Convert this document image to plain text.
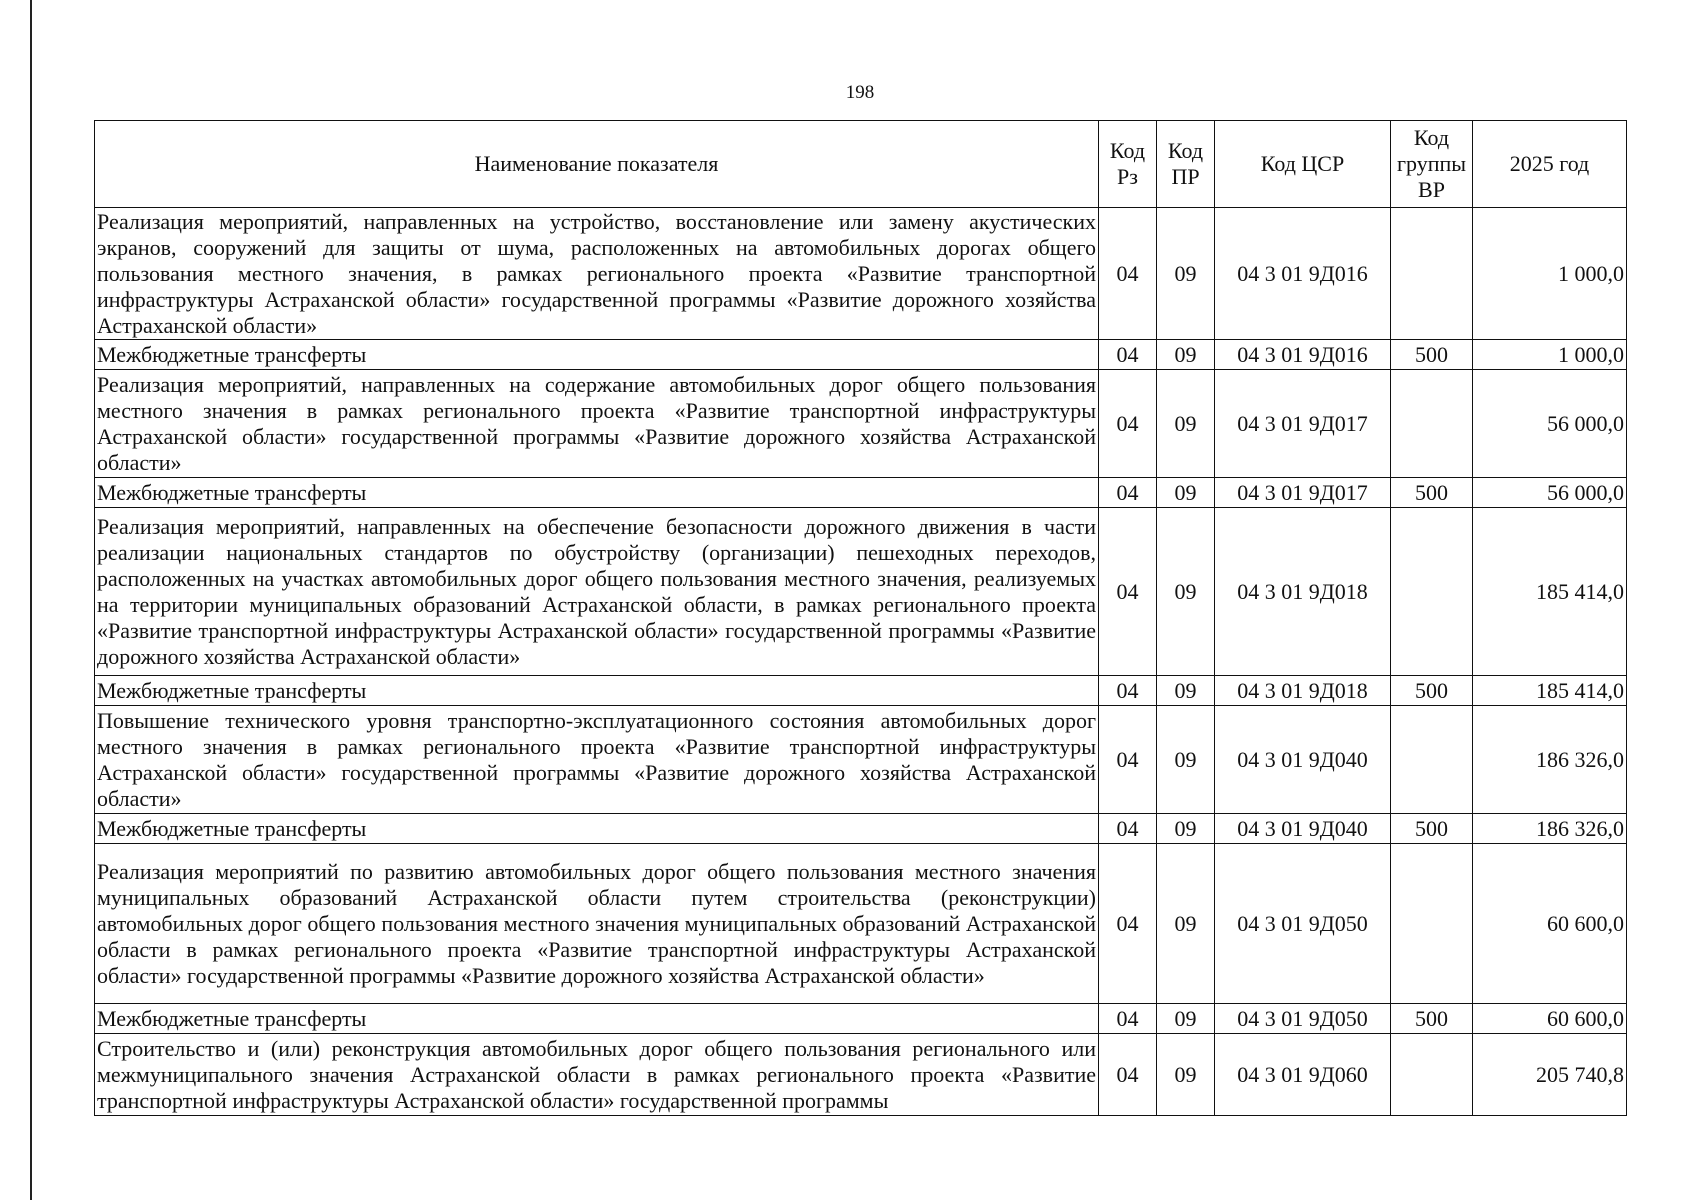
198
Наименование показателя	Код Рз	Код ПР	Код ЦСР	Код группы ВР	2025 год
Реализация мероприятий, направленных на устройство, восстановление или замену акустических экранов, сооружений для защиты от шума, расположенных на автомобильных дорогах общего пользования местного значения, в рамках регионального проекта «Развитие транспортной инфраструктуры Астраханской области» государственной программы «Развитие дорожного хозяйства Астраханской области»	04	09	04 3 01 9Д016		1 000,0
Межбюджетные трансферты	04	09	04 3 01 9Д016	500	1 000,0
Реализация мероприятий, направленных на содержание автомобильных дорог общего пользования местного значения в рамках регионального проекта «Развитие транспортной инфраструктуры Астраханской области» государственной программы «Развитие дорожного хозяйства Астраханской области»	04	09	04 3 01 9Д017		56 000,0
Межбюджетные трансферты	04	09	04 3 01 9Д017	500	56 000,0
Реализация мероприятий, направленных на обеспечение безопасности дорожного движения в части реализации национальных стандартов по обустройству (организации) пешеходных переходов, расположенных на участках автомобильных дорог общего пользования местного значения, реализуемых на территории муниципальных образований Астраханской области, в рамках регионального проекта «Развитие транспортной инфраструктуры Астраханской области» государственной программы «Развитие дорожного хозяйства Астраханской области»	04	09	04 3 01 9Д018		185 414,0
Межбюджетные трансферты	04	09	04 3 01 9Д018	500	185 414,0
Повышение технического уровня транспортно-эксплуатационного состояния автомобильных дорог местного значения в рамках регионального проекта «Развитие транспортной инфраструктуры Астраханской области» государственной программы «Развитие дорожного хозяйства Астраханской области»	04	09	04 3 01 9Д040		186 326,0
Межбюджетные трансферты	04	09	04 3 01 9Д040	500	186 326,0
Реализация мероприятий по развитию автомобильных дорог общего пользования местного значения муниципальных образований Астраханской области путем строительства (реконструкции) автомобильных дорог общего пользования местного значения муниципальных образований Астраханской области в рамках регионального проекта «Развитие транспортной инфраструктуры Астраханской области» государственной программы «Развитие дорожного хозяйства Астраханской области»	04	09	04 3 01 9Д050		60 600,0
Межбюджетные трансферты	04	09	04 3 01 9Д050	500	60 600,0
Строительство и (или) реконструкция автомобильных дорог общего пользования регионального или межмуниципального значения Астраханской области в рамках регионального проекта «Развитие транспортной инфраструктуры Астраханской области» государственной программы	04	09	04 3 01 9Д060		205 740,8
